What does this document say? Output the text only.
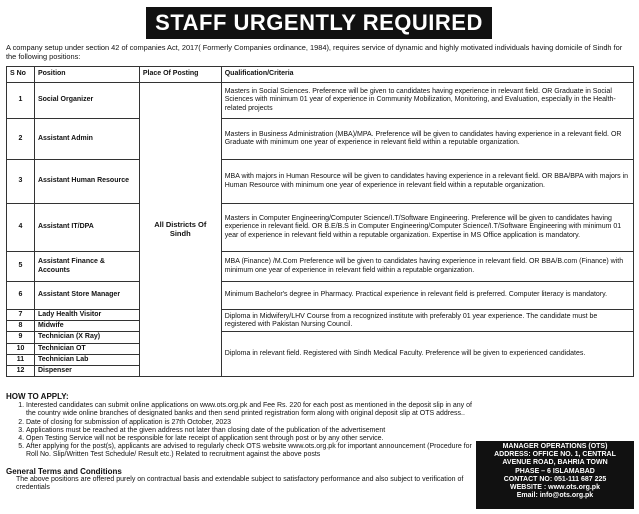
STAFF URGENTLY REQUIRED

A company setup under section 42 of companies Act, 2017( Formerly Companies ordinance, 1984), requires service of dynamic and highly motivated individuals having domicile of Sindh for the following positions:

S No	Position	Place Of Posting	Qualification/Criteria
1	Social Organizer	All Districts Of Sindh	Masters in Social Sciences. Preference will be given to candidates having experience in relevant field. OR Graduate in Social Sciences with minimum 01 year of experience in Community Mobilization, Monitoring, and Evaluation, especially in the Health- related projects
2	Assistant Admin		Masters in Business Administration (MBA)/MPA. Preference will be given to candidates having experience in a relevant field. OR Graduate with minimum one year of experience in relevant field within a reputable organization.
3	Assistant Human Resource		MBA with majors in Human Resource will be given to candidates having experience in a relevant field. OR BBA/BPA with majors in Human Resource with minimum one year of experience in relevant field within a reputable organization.
4	Assistant IT/DPA		Masters in Computer Engineering/Computer Science/I.T/Software Engineering. Preference will be given to candidates having experience in relevant field. OR B.E/B.S in Computer Engineering/Computer Science/I.T/Software Engineering with minimum 01 year of experience in relevant field within a reputable organization. Expertise in MS Office application is mandatory.
5	Assistant Finance & Accounts		MBA (Finance) /M.Com Preference will be given to candidates having experience in relevant field. OR BBA/B.com (Finance) with minimum one year of experience in relevant field within a reputable organization.
6	Assistant Store Manager		Minimum Bachelor's degree in Pharmacy. Practical experience in relevant field is preferred. Computer literacy is mandatory.
7	Lady Health Visitor		Diploma in Midwifery/LHV Course from a recognized institute with preferably 01 year experience. The candidate must be registered with Pakistan Nursing Council.
8	Midwife		
9	Technician (X Ray)		Diploma in relevant field. Registered with Sindh Medical Faculty. Preference will be given to experienced candidates.
10	Technician OT		
11	Technician Lab		
12	Dispenser		
HOW TO APPLY:
1. Interested candidates can submit online applications on www.ots.org.pk and Fee Rs. 220 for each post as mentioned in the deposit slip in any of the country wide online branches of designated banks and then send printed registration form along with original deposit slip at OTS address..
2. Date of closing for submission of application is 27th October, 2023
3. Applications must be reached at the given address not later than closing date of the publication of the advertisement
4. Open Testing Service will not be responsible for late receipt of application sent through post or by any other service.
5. After applying for the post(s), applicants are advised to regularly check OTS website www.ots.org.pk for important announcement (Procedure for Roll No. Slip/Written Test Schedule/ Result etc.) Related to recruitment against the above posts
General Terms and Conditions

The above positions are offered purely on contractual basis and extendable subject to satisfactory performance and also subject to verification of credentials

MANAGER OPERATIONS (OTS)
ADDRESS: OFFICE NO. 1, CENTRAL
AVENUE ROAD, BAHRIA TOWN
PHASE – 6 ISLAMABAD
CONTACT NO: 051-111 687 225
WEBSITE : www.ots.org.pk
Email: info@ots.org.pk
